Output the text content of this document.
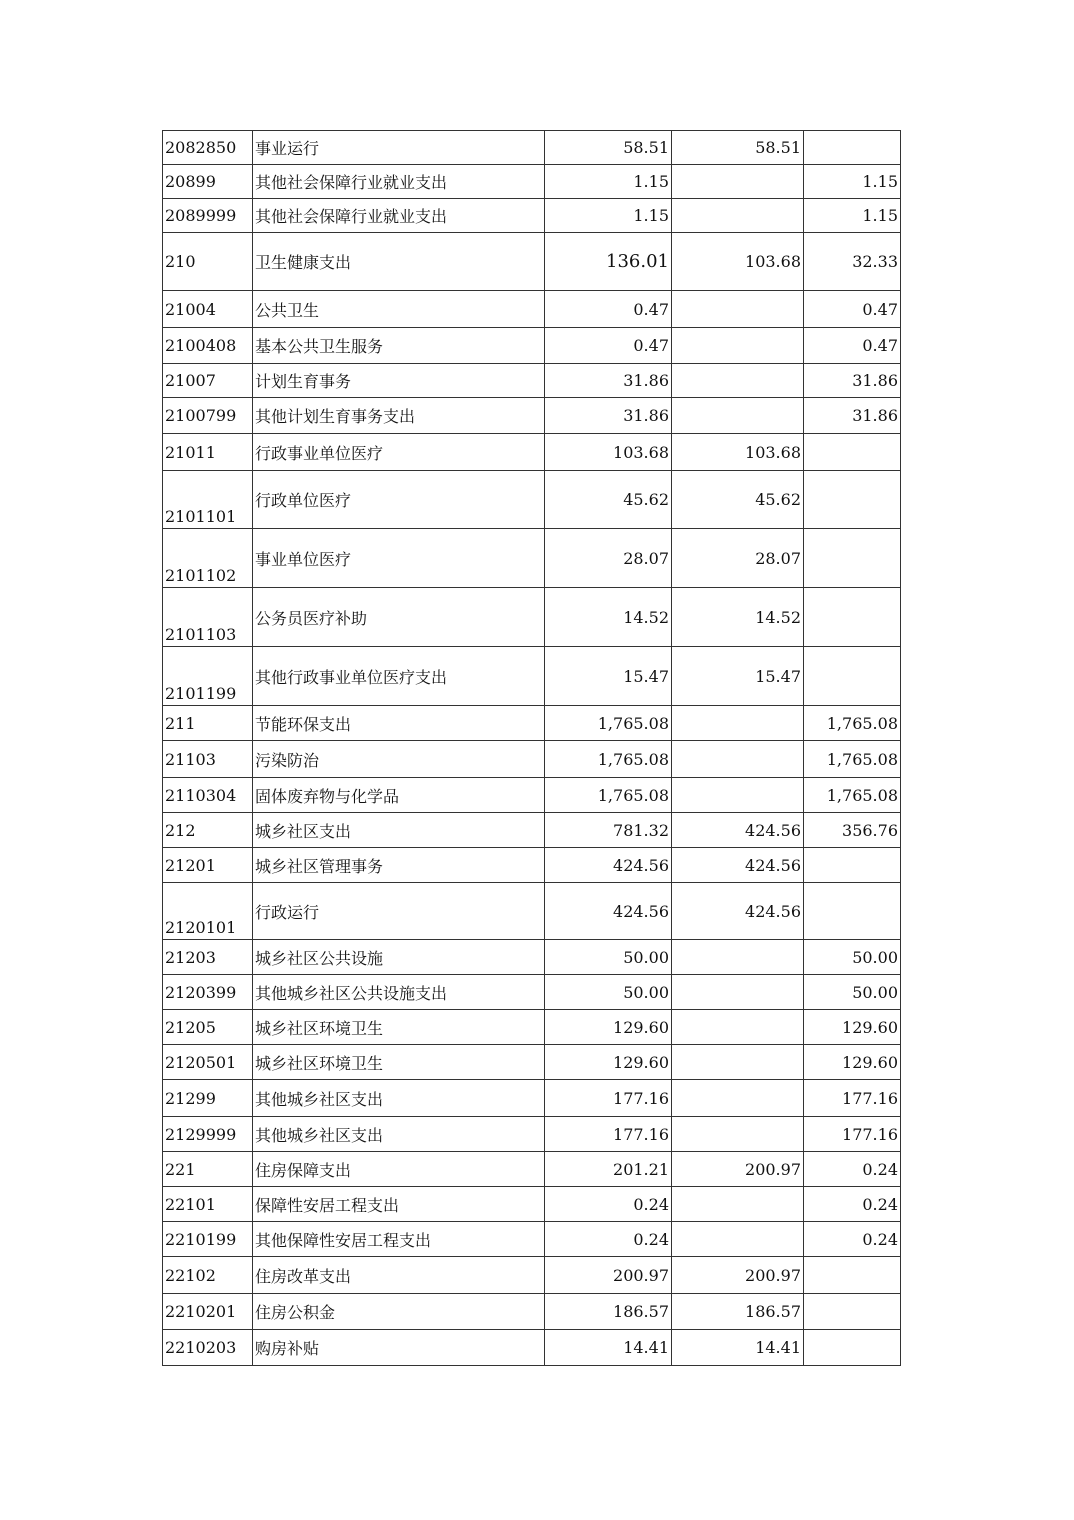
2082850	事业运行	58.51	58.51	
20899	其他社会保障行业就业支出	1.15		1.15
2089999	其他社会保障行业就业支出	1.15		1.15
210	卫生健康支出	136.01	103.68	32.33
21004	公共卫生	0.47		0.47
2100408	基本公共卫生服务	0.47		0.47
21007	计划生育事务	31.86		31.86
2100799	其他计划生育事务支出	31.86		31.86
21011	行政事业单位医疗	103.68	103.68	
2101101	行政单位医疗	45.62	45.62	
2101102	事业单位医疗	28.07	28.07	
2101103	公务员医疗补助	14.52	14.52	
2101199	其他行政事业单位医疗支出	15.47	15.47	
211	节能环保支出	1,765.08		1,765.08
21103	污染防治	1,765.08		1,765.08
2110304	固体废弃物与化学品	1,765.08		1,765.08
212	城乡社区支出	781.32	424.56	356.76
21201	城乡社区管理事务	424.56	424.56	
2120101	行政运行	424.56	424.56	
21203	城乡社区公共设施	50.00		50.00
2120399	其他城乡社区公共设施支出	50.00		50.00
21205	城乡社区环境卫生	129.60		129.60
2120501	城乡社区环境卫生	129.60		129.60
21299	其他城乡社区支出	177.16		177.16
2129999	其他城乡社区支出	177.16		177.16
221	住房保障支出	201.21	200.97	0.24
22101	保障性安居工程支出	0.24		0.24
2210199	其他保障性安居工程支出	0.24		0.24
22102	住房改革支出	200.97	200.97	
2210201	住房公积金	186.57	186.57	
2210203	购房补贴	14.41	14.41	
